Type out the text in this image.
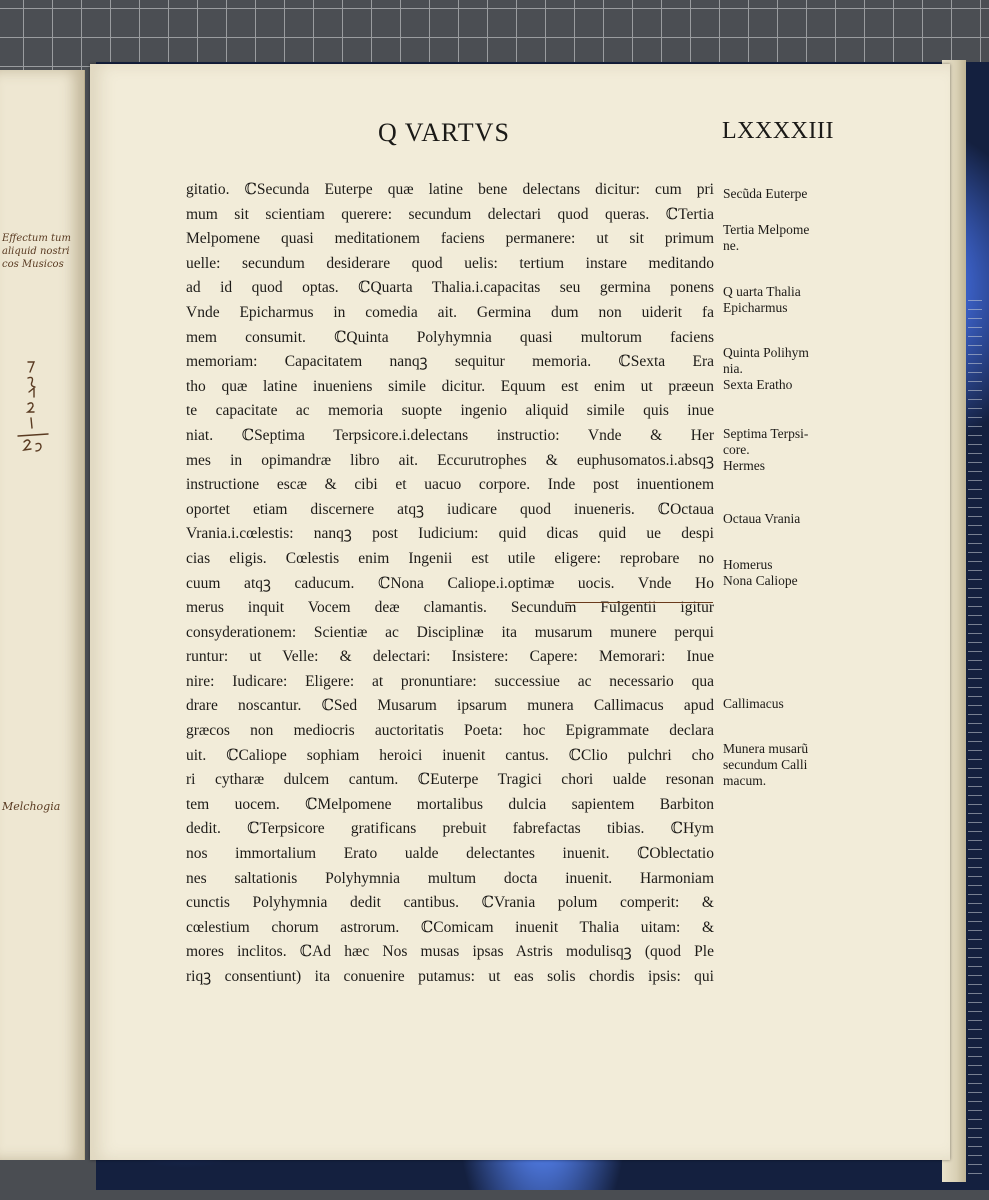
Effectum tum
aliquid nostri
cos Musicos
Melchogia
Q VARTVS	LXXXXIII
gitatio. ℂSecunda Euterpe quæ latine bene delectans dicitur: cum pri
mum sit scientiam querere: secundum delectari quod queras. ℂTertia
Melpomene quasi meditationem faciens permanere: ut sit primum
uelle: secundum desiderare quod uelis: tertium instare meditando
ad id quod optas. ℂQuarta Thalia.i.capacitas seu germina ponens
Vnde Epicharmus in comedia ait. Germina dum non uiderit fa
mem consumit. ℂQuinta Polyhymnia quasi multorum faciens
memoriam: Capacitatem nanqꝫ sequitur memoria. ℂSexta Era
tho quæ latine inueniens simile dicitur. Equum est enim ut præeun
te capacitate ac memoria suopte ingenio aliquid simile quis inue
niat. ℂSeptima Terpsicore.i.delectans instructio: Vnde & Her
mes in opimandræ libro ait. Eccurutrophes & euphusomatos.i.absqꝫ
instructione escæ & cibi et uacuo corpore. Inde post inuentionem
oportet etiam discernere atqꝫ iudicare quod inueneris. ℂOctaua
Vrania.i.cœlestis: nanqꝫ post Iudicium: quid dicas quid ue despi
cias eligis. Cœlestis enim Ingenii est utile eligere: reprobare no
cuum atqꝫ caducum. ℂNona Caliope.i.optimæ uocis. Vnde Ho
merus inquit Vocem deæ clamantis. Secundum Fulgentii igitur
consyderationem: Scientiæ ac Disciplinæ ita musarum munere perqui
runtur: ut Velle: & delectari: Insistere: Capere: Memorari: Inue
nire: Iudicare: Eligere: at pronuntiare: successiue ac necessario qua
drare noscantur. ℂSed Musarum ipsarum munera Callimacus apud
græcos non mediocris auctoritatis Poeta: hoc Epigrammate declara
uit. ℂCaliope sophiam heroici inuenit cantus. ℂClio pulchri cho
ri cytharæ dulcem cantum. ℂEuterpe Tragici chori ualde resonan
tem uocem. ℂMelpomene mortalibus dulcia sapientem Barbiton
dedit. ℂTerpsicore gratificans prebuit fabrefactas tibias. ℂHym
nos immortalium Erato ualde delectantes inuenit. ℂOblectatio
nes saltationis Polyhymnia multum docta inuenit. Harmoniam
cunctis Polyhymnia dedit cantibus. ℂVrania polum comperit: &
cœlestium chorum astrorum. ℂComicam inuenit Thalia uitam: &
mores inclitos. ℂAd hæc Nos musas ipsas Astris modulisqꝫ (quod Ple
riqꝫ consentiunt) ita conuenire putamus: ut eas solis chordis ipsis: qui
Secũda Euterpe
Tertia Melpome
ne.
Q uarta Thalia
Epicharmus
Quinta Polihym
nia.
Sexta Eratho
Septima Terpsi-
core.
Hermes
Octaua Vrania
Homerus
Nona Caliope
Callimacus
Munera musarũ
secundum Calli
macum.
